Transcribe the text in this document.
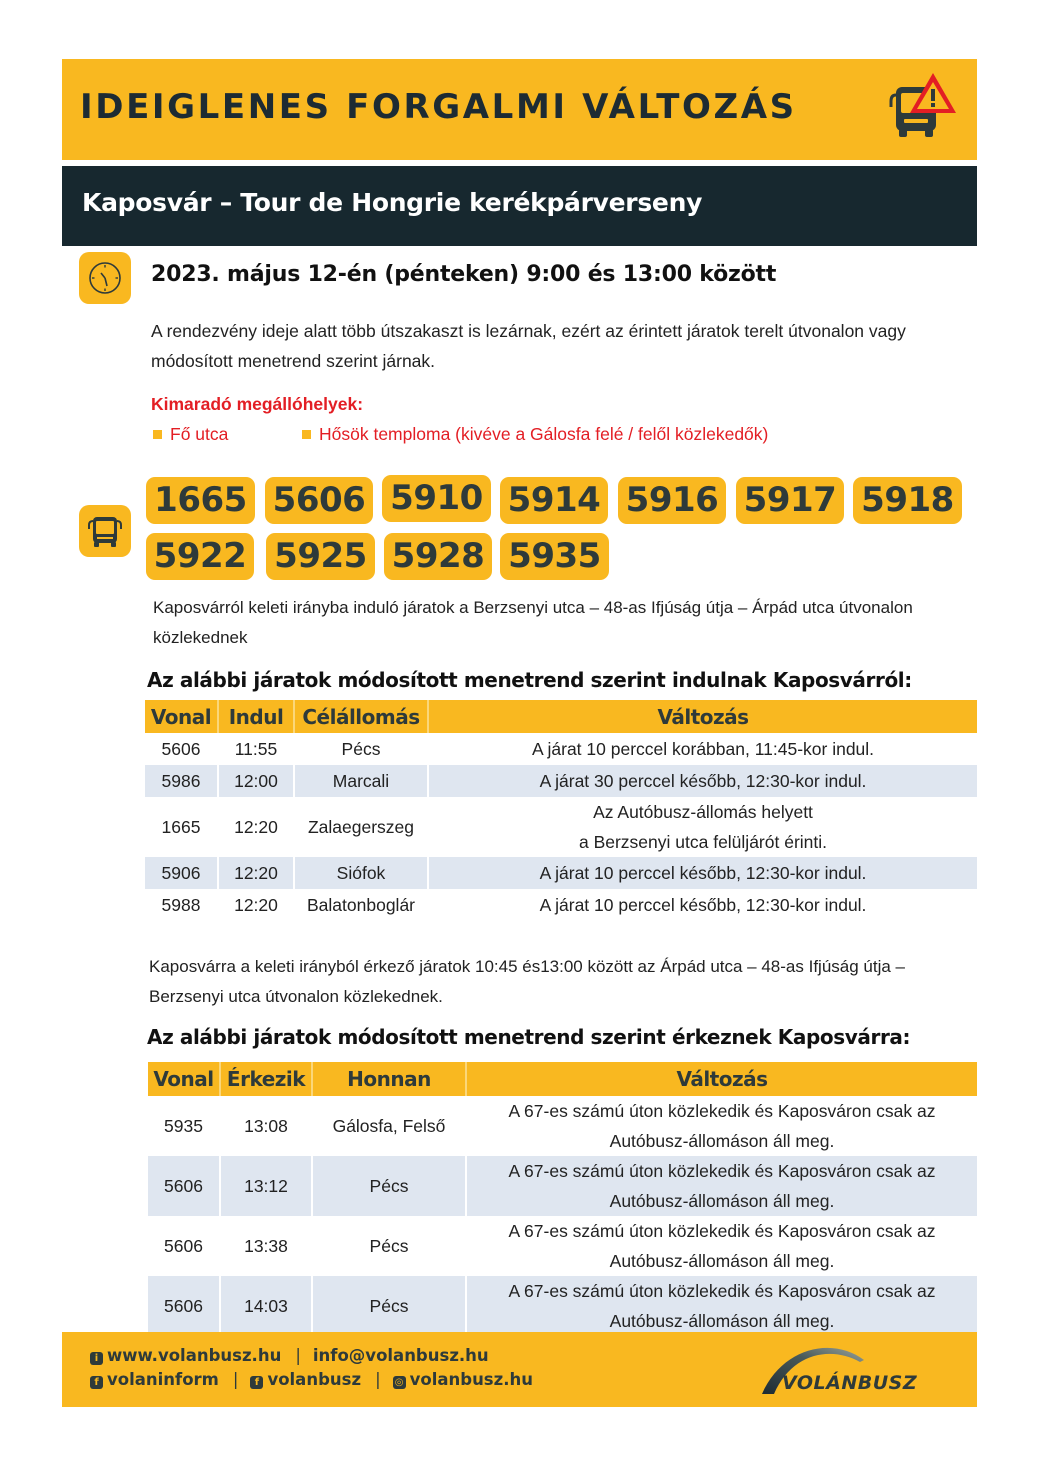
IDEIGLENES FORGALMI VÁLTOZÁS
Kaposvár – Tour de Hongrie kerékpárverseny
2023. május 12-én (pénteken) 9:00 és 13:00 között
A rendezvény ideje alatt több útszakaszt is lezárnak, ezért az érintett járatok terelt útvonalon vagy módosított menetrend szerint járnak.
Kimaradó megállóhelyek:
Fő utca	Hősök temploma (kivéve a Gálosfa felé / felől közlekedők)
1665 5606 5910 5914 5916 5917 5918
5922 5925 5928 5935
Kaposvárról keleti irányba induló járatok a Berzsenyi utca – 48-as Ifjúság útja – Árpád utca útvonalon közlekednek
Az alábbi járatok módosított menetrend szerint indulnak Kaposvárról:
Vonal	Indul	Célállomás	Változás
5606	11:55	Pécs	A járat 10 perccel korábban, 11:45-kor indul.
5986	12:00	Marcali	A járat 30 perccel később, 12:30-kor indul.
1665	12:20	Zalaegerszeg	Az Autóbusz-állomás helyett
a Berzsenyi utca felüljárót érinti.

5906	12:20	Siófok	A járat 10 perccel később, 12:30-kor indul.
5988	12:20	Balatonboglár	A járat 10 perccel később, 12:30-kor indul.
Kaposvárra a keleti irányból érkező járatok 10:45 és13:00 között az Árpád utca – 48-as Ifjúság útja – Berzsenyi utca útvonalon közlekednek.
Az alábbi járatok módosított menetrend szerint érkeznek Kaposvárra:
Vonal	Érkezik	Honnan	Változás
5935	13:08	Gálosfa, Felső	A 67-es számú úton közlekedik és Kaposváron csak az
Autóbusz-állomáson áll meg.

5606	13:12	Pécs	A 67-es számú úton közlekedik és Kaposváron csak az
Autóbusz-állomáson áll meg.

5606	13:38	Pécs	A 67-es számú úton közlekedik és Kaposváron csak az
Autóbusz-állomáson áll meg.

5606	14:03	Pécs	A 67-es számú úton közlekedik és Kaposváron csak az
Autóbusz-állomáson áll meg.
i www.volanbusz.hu | info@volanbusz.hu
f volaninform | f volanbusz | ◎ volanbusz.hu	VOLÁNBUSZ
